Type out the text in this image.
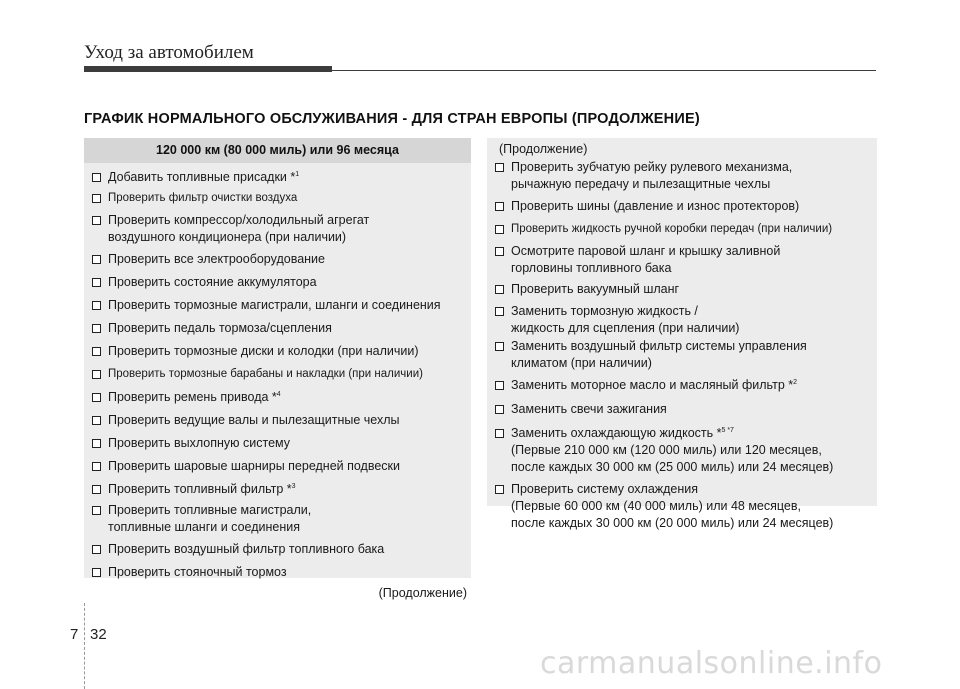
Уход за автомобилем
ГРАФИК НОРМАЛЬНОГО ОБСЛУЖИВАНИЯ - ДЛЯ СТРАН ЕВРОПЫ (ПРОДОЛЖЕНИЕ)
120 000 км (80 000 миль) или 96 месяца
Добавить топливные присадки *$^1$
Проверить фильтр очистки воздуха
Проверить компрессор/холодильный агрегат
воздушного кондиционера (при наличии)
Проверить все электрооборудование
Проверить состояние аккумулятора
Проверить тормозные магистрали, шланги и соединения
Проверить педаль тормоза/сцепления
Проверить тормозные диски и колодки (при наличии)
Проверить тормозные барабаны и накладки (при наличии)
Проверить ремень привода *$^4$
Проверить ведущие валы и пылезащитные чехлы
Проверить выхлопную систему
Проверить шаровые шарниры передней подвески
Проверить топливный фильтр *$^3$
Проверить топливные магистрали,
топливные шланги и соединения
Проверить воздушный фильтр топливного бака
Проверить стояночный тормоз
(Продолжение)
(Продолжение)
Проверить зубчатую рейку рулевого механизма,
рычажную передачу и пылезащитные чехлы
Проверить шины (давление и износ протекторов)
Проверить жидкость ручной коробки передач (при наличии)
Осмотрите паровой шланг и крышку заливной
горловины топливного бака
Проверить вакуумный шланг
Заменить тормозную жидкость /
жидкость для сцепления (при наличии)
Заменить воздушный фильтр системы управления
климатом (при наличии)
Заменить моторное масло и масляный фильтр *$^2$
Заменить свечи зажигания
Заменить охлаждающую жидкость *$^{5 *7}$
(Первые 210 000 км (120 000 миль) или 120 месяцев,
после каждых 30 000 км (25 000 миль) или 24 месяцев)
Проверить систему охлаждения
(Первые 60 000 км (40 000 миль) или 48 месяцев,
после каждых 30 000 км (20 000 миль) или 24 месяцев)
7 32
carmanualsonline.info
